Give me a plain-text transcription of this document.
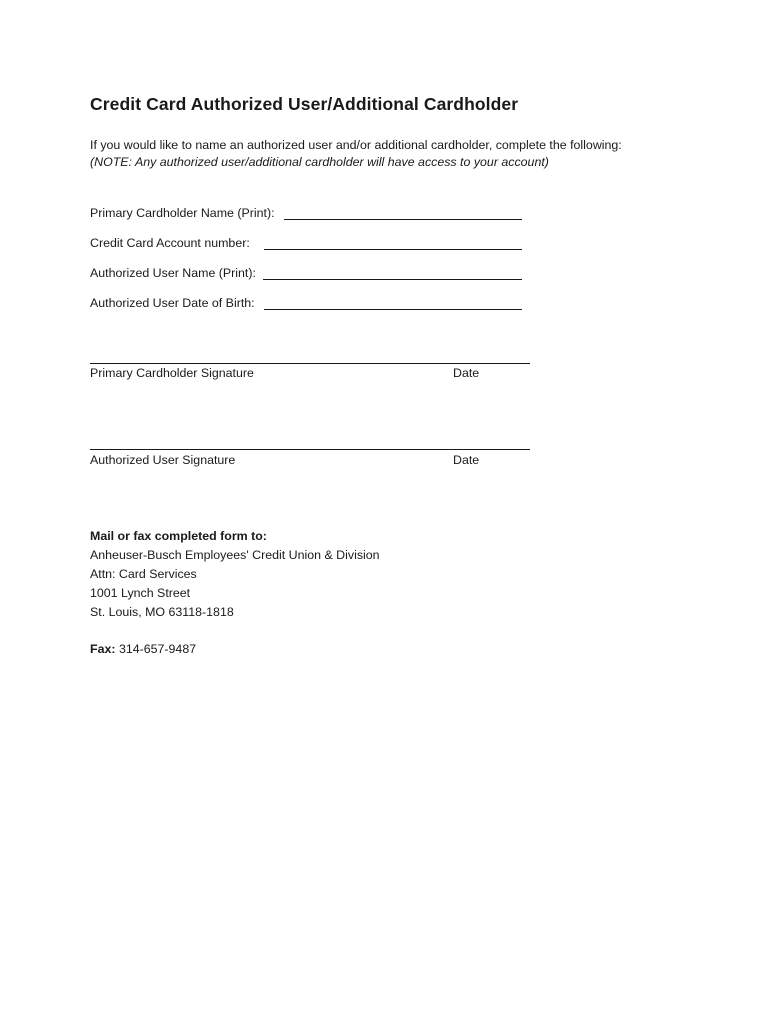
Credit Card Authorized User/Additional Cardholder
If you would like to name an authorized user and/or additional cardholder, complete the following:
(NOTE: Any authorized user/additional cardholder will have access to your account)
Primary Cardholder Name (Print):
Credit Card Account number:
Authorized User Name (Print):
Authorized User Date of Birth:
Primary Cardholder Signature	Date
Authorized User Signature	Date
Mail or fax completed form to:
Anheuser-Busch Employees' Credit Union & Division
Attn: Card Services
1001 Lynch Street
St. Louis, MO 63118-1818
Fax: 314-657-9487
